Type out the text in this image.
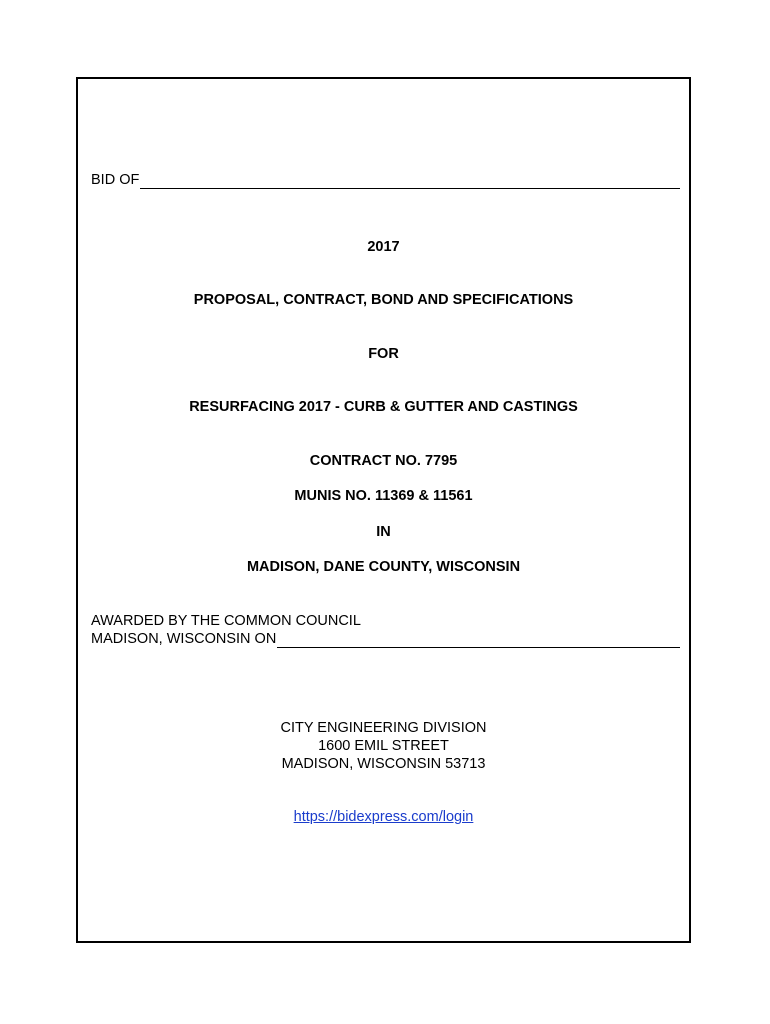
BID OF
2017
PROPOSAL, CONTRACT, BOND AND SPECIFICATIONS
FOR
RESURFACING 2017 - CURB & GUTTER AND CASTINGS
CONTRACT NO. 7795
MUNIS NO. 11369 & 11561
IN
MADISON, DANE COUNTY, WISCONSIN
AWARDED BY THE COMMON COUNCIL
MADISON, WISCONSIN ON
CITY ENGINEERING DIVISION
1600 EMIL STREET
MADISON, WISCONSIN 53713
https://bidexpress.com/login
